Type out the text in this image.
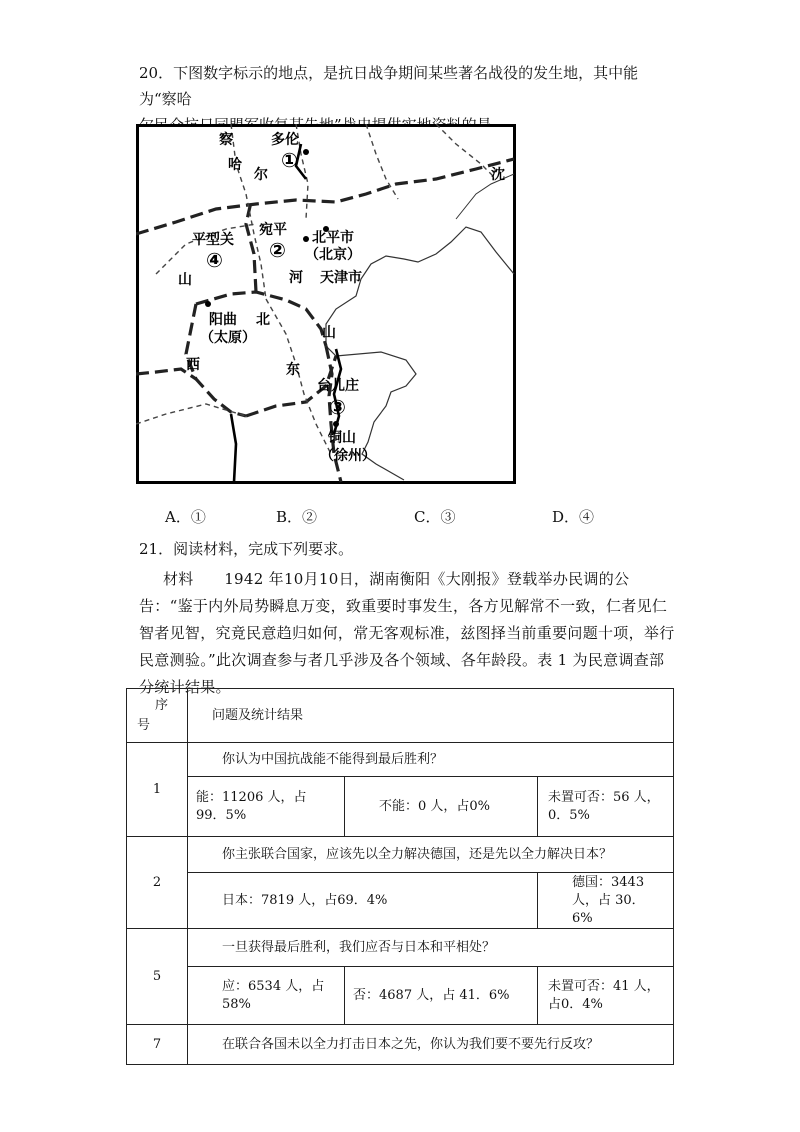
20．下图数字标示的地点，是抗日战争期间某些著名战役的发生地，其中能为“察哈
察
哈
尔
多伦
①
沈
平型关
④
宛平
② 北平市
（北京）
天津市
河
北
山
西
阳曲
（太原）	山
东
台儿庄
③
铜山
（徐州）
A．①	B．②	C．③	D．④
21．阅读材料，完成下列要求。
材料　　1942 年10月10日，湖南衡阳《大刚报》登载举办民调的公告：“鉴于内外局势瞬息万变，致重要时事发生，各方见解常不一致，仁者见仁智者见智，究竟民意趋归如何，常无客观标准，兹图择当前重要问题十项，举行民意测验。”此次调查参与者几乎涉及各个领域、各年龄段。表 1 为民意调查部分统计结果。
序
号	问题及统计结果		
1	你认为中国抗战能不能得到最后胜利？		
	能：11206 人，占 99．5%	不能：0 人，占0%	未置可否：56 人，0．5%
2	你主张联合国家，应该先以全力解决德国，还是先以全力解决日本？		
	日本：7819 人，占69．4%		德国：3443 人，占 30．6%
5	一旦获得最后胜利，我们应否与日本和平相处？		
	应：6534 人，占 58%	否：4687 人，占 41．6%	未置可否：41 人，占0．4%
7	在联合各国未以全力打击日本之先，你认为我们要不要先行反攻？		
